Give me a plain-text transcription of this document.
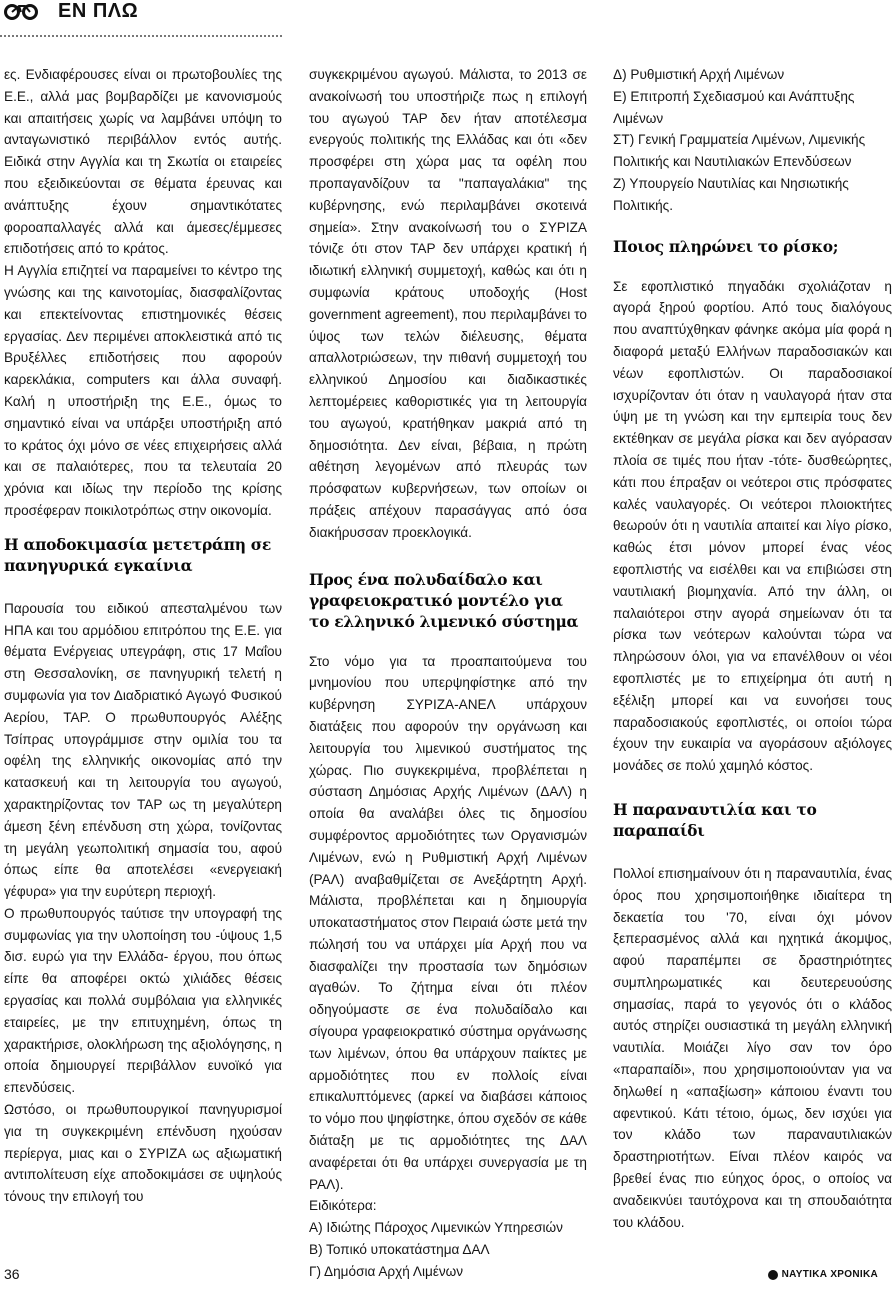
ΕΝ ΠΛΩ

ες. Ενδιαφέρουσες είναι οι πρωτοβουλίες της Ε.Ε., αλλά μας βομβαρδίζει με κανονισμούς και απαιτήσεις χωρίς να λαμβάνει υπόψη το ανταγωνιστικό περιβάλλον εντός αυτής. Ειδικά στην Αγγλία και τη Σκωτία οι εταιρείες που εξειδικεύονται σε θέματα έρευνας και ανάπτυξης έχουν σημαντικότατες φοροαπαλλαγές αλλά και άμεσες/έμμεσες επιδοτήσεις από το κράτος.

Η Αγγλία επιζητεί να παραμείνει το κέντρο της γνώσης και της καινοτομίας, διασφαλίζοντας και επεκτείνοντας επιστημονικές θέσεις εργασίας. Δεν περιμένει αποκλειστικά από τις Βρυξέλλες επιδοτήσεις που αφορούν καρεκλάκια, computers και άλλα συναφή. Καλή η υποστήριξη της Ε.Ε., όμως το σημαντικό είναι να υπάρξει υποστήριξη από το κράτος όχι μόνο σε νέες επιχειρήσεις αλλά και σε παλαιότερες, που τα τελευταία 20 χρόνια και ιδίως την περίοδο της κρίσης προσέφεραν ποικιλοτρόπως στην οικονομία.

Η αποδοκιμασία μετετράπη σε πανηγυρικά εγκαίνια

Παρουσία του ειδικού απεσταλμένου των ΗΠΑ και του αρμόδιου επιτρόπου της Ε.Ε. για θέματα Ενέργειας υπεγράφη, στις 17 Μαΐου στη Θεσσαλονίκη, σε πανηγυρική τελετή η συμφωνία για τον Διαδριατικό Αγωγό Φυσικού Αερίου, TAP. Ο πρωθυπουργός Αλέξης Τσίπρας υπογράμμισε στην ομιλία του τα οφέλη της ελληνικής οικονομίας από την κατασκευή και τη λειτουργία του αγωγού, χαρακτηρίζοντας τον TAP ως τη μεγαλύτερη άμεση ξένη επένδυση στη χώρα, τονίζοντας τη μεγάλη γεωπολιτική σημασία του, αφού όπως είπε θα αποτελέσει «ενεργειακή γέφυρα» για την ευρύτερη περιοχή.

Ο πρωθυπουργός ταύτισε την υπογραφή της συμφωνίας για την υλοποίηση του -ύψους 1,5 δισ. ευρώ για την Ελλάδα- έργου, που όπως είπε θα αποφέρει οκτώ χιλιάδες θέσεις εργασίας και πολλά συμβόλαια για ελληνικές εταιρείες, με την επιτυχημένη, όπως τη χαρακτήρισε, ολοκλήρωση της αξιολόγησης, η οποία δημιουργεί περιβάλλον ευνοϊκό για επενδύσεις.

Ωστόσο, οι πρωθυπουργικοί πανηγυρισμοί για τη συγκεκριμένη επένδυση ηχούσαν περίεργα, μιας και ο ΣΥΡΙΖΑ ως αξιωματική αντιπολίτευση είχε αποδοκιμάσει σε υψηλούς τόνους την επιλογή του

συγκεκριμένου αγωγού. Μάλιστα, το 2013 σε ανακοίνωσή του υποστήριζε πως η επιλογή του αγωγού TAP δεν ήταν αποτέλεσμα ενεργούς πολιτικής της Ελλάδας και ότι «δεν προσφέρει στη χώρα μας τα οφέλη που προπαγανδίζουν τα "παπαγαλάκια" της κυβέρνησης, ενώ περιλαμβάνει σκοτεινά σημεία». Στην ανακοίνωσή του ο ΣΥΡΙΖΑ τόνιζε ότι στον TAP δεν υπάρχει κρατική ή ιδιωτική ελληνική συμμετοχή, καθώς και ότι η συμφωνία κράτους υποδοχής (Host government agreement), που περιλαμβάνει το ύψος των τελών διέλευσης, θέματα απαλλοτριώσεων, την πιθανή συμμετοχή του ελληνικού Δημοσίου και διαδικαστικές λεπτομέρειες καθοριστικές για τη λειτουργία του αγωγού, κρατήθηκαν μακριά από τη δημοσιότητα. Δεν είναι, βέβαια, η πρώτη αθέτηση λεγομένων από πλευράς των πρόσφατων κυβερνήσεων, των οποίων οι πράξεις απέχουν παρασάγγας από όσα διακήρυσσαν προεκλογικά.

Προς ένα πολυδαίδαλο και γραφειοκρατικό μοντέλο για το ελληνικό λιμενικό σύστημα

Στο νόμο για τα προαπαιτούμενα του μνημονίου που υπερψηφίστηκε από την κυβέρνηση ΣΥΡΙΖΑ-ΑΝΕΛ υπάρχουν διατάξεις που αφορούν την οργάνωση και λειτουργία του λιμενικού συστήματος της χώρας. Πιο συγκεκριμένα, προβλέπεται η σύσταση Δημόσιας Αρχής Λιμένων (ΔΑΛ) η οποία θα αναλάβει όλες τις δημοσίου συμφέροντος αρμοδιότητες των Οργανισμών Λιμένων, ενώ η Ρυθμιστική Αρχή Λιμένων (ΡΑΛ) αναβαθμίζεται σε Ανεξάρτητη Αρχή. Μάλιστα, προβλέπεται και η δημιουργία υποκαταστήματος στον Πειραιά ώστε μετά την πώλησή του να υπάρχει μία Αρχή που να διασφαλίζει την προστασία των δημόσιων αγαθών. Το ζήτημα είναι ότι πλέον οδηγούμαστε σε ένα πολυδαίδαλο και σίγουρα γραφειοκρατικό σύστημα οργάνωσης των λιμένων, όπου θα υπάρχουν παίκτες με αρμοδιότητες που εν πολλοίς είναι επικαλυπτόμενες (αρκεί να διαβάσει κάποιος το νόμο που ψηφίστηκε, όπου σχεδόν σε κάθε διάταξη με τις αρμοδιότητες της ΔΑΛ αναφέρεται ότι θα υπάρχει συνεργασία με τη ΡΑΛ).

Ειδικότερα:

Α) Ιδιώτης Πάροχος Λιμενικών Υπηρεσιών
Β) Τοπικό υποκατάστημα ΔΑΛ
Γ) Δημόσια Αρχή Λιμένων
Δ) Ρυθμιστική Αρχή Λιμένων
Ε) Επιτροπή Σχεδιασμού και Ανάπτυξης Λιμένων
ΣΤ) Γενική Γραμματεία Λιμένων, Λιμενικής Πολιτικής και Ναυτιλιακών Επενδύσεων
Ζ) Υπουργείο Ναυτιλίας και Νησιωτικής Πολιτικής.
Ποιος πληρώνει το ρίσκο;

Σε εφοπλιστικό πηγαδάκι σχολιάζοταν η αγορά ξηρού φορτίου. Από τους διαλόγους που αναπτύχθηκαν φάνηκε ακόμα μία φορά η διαφορά μεταξύ Ελλήνων παραδοσιακών και νέων εφοπλιστών. Οι παραδοσιακοί ισχυρίζονταν ότι όταν η ναυλαγορά ήταν στα ύψη με τη γνώση και την εμπειρία τους δεν εκτέθηκαν σε μεγάλα ρίσκα και δεν αγόρασαν πλοία σε τιμές που ήταν -τότε- δυσθεώρητες, κάτι που έπραξαν οι νεότεροι στις πρόσφατες καλές ναυλαγορές. Οι νεότεροι πλοιοκτήτες θεωρούν ότι η ναυτιλία απαιτεί και λίγο ρίσκο, καθώς έτσι μόνον μπορεί ένας νέος εφοπλιστής να εισέλθει και να επιβιώσει στη ναυτιλιακή βιομηχανία. Από την άλλη, οι παλαιότεροι στην αγορά σημείωναν ότι τα ρίσκα των νεότερων καλούνται τώρα να πληρώσουν όλοι, για να επανέλθουν οι νέοι εφοπλιστές με το επιχείρημα ότι αυτή η εξέλιξη μπορεί και να ευνοήσει τους παραδοσιακούς εφοπλιστές, οι οποίοι τώρα έχουν την ευκαιρία να αγοράσουν αξιόλογες μονάδες σε πολύ χαμηλό κόστος.

Η παραναυτιλία και το παραπαίδι

Πολλοί επισημαίνουν ότι η παραναυτιλία, ένας όρος που χρησιμοποιήθηκε ιδιαίτερα τη δεκαετία του '70, είναι όχι μόνον ξεπερασμένος αλλά και ηχητικά άκομψος, αφού παραπέμπει σε δραστηριότητες συμπληρωματικές και δευτερευούσης σημασίας, παρά το γεγονός ότι ο κλάδος αυτός στηρίζει ουσιαστικά τη μεγάλη ελληνική ναυτιλία. Μοιάζει λίγο σαν τον όρο «παραπαίδι», που χρησιμοποιούνταν για να δηλωθεί η «απαξίωση» κάποιου έναντι του αφεντικού. Κάτι τέτοιο, όμως, δεν ισχύει για τον κλάδο των παραναυτιλιακών δραστηριοτήτων. Είναι πλέον καιρός να βρεθεί ένας πιο εύηχος όρος, ο οποίος να αναδεικνύει ταυτόχρονα και τη σπουδαιότητα του κλάδου.

36	ΝΑΥΤΙΚΑ ΧΡΟΝΙΚΑ
